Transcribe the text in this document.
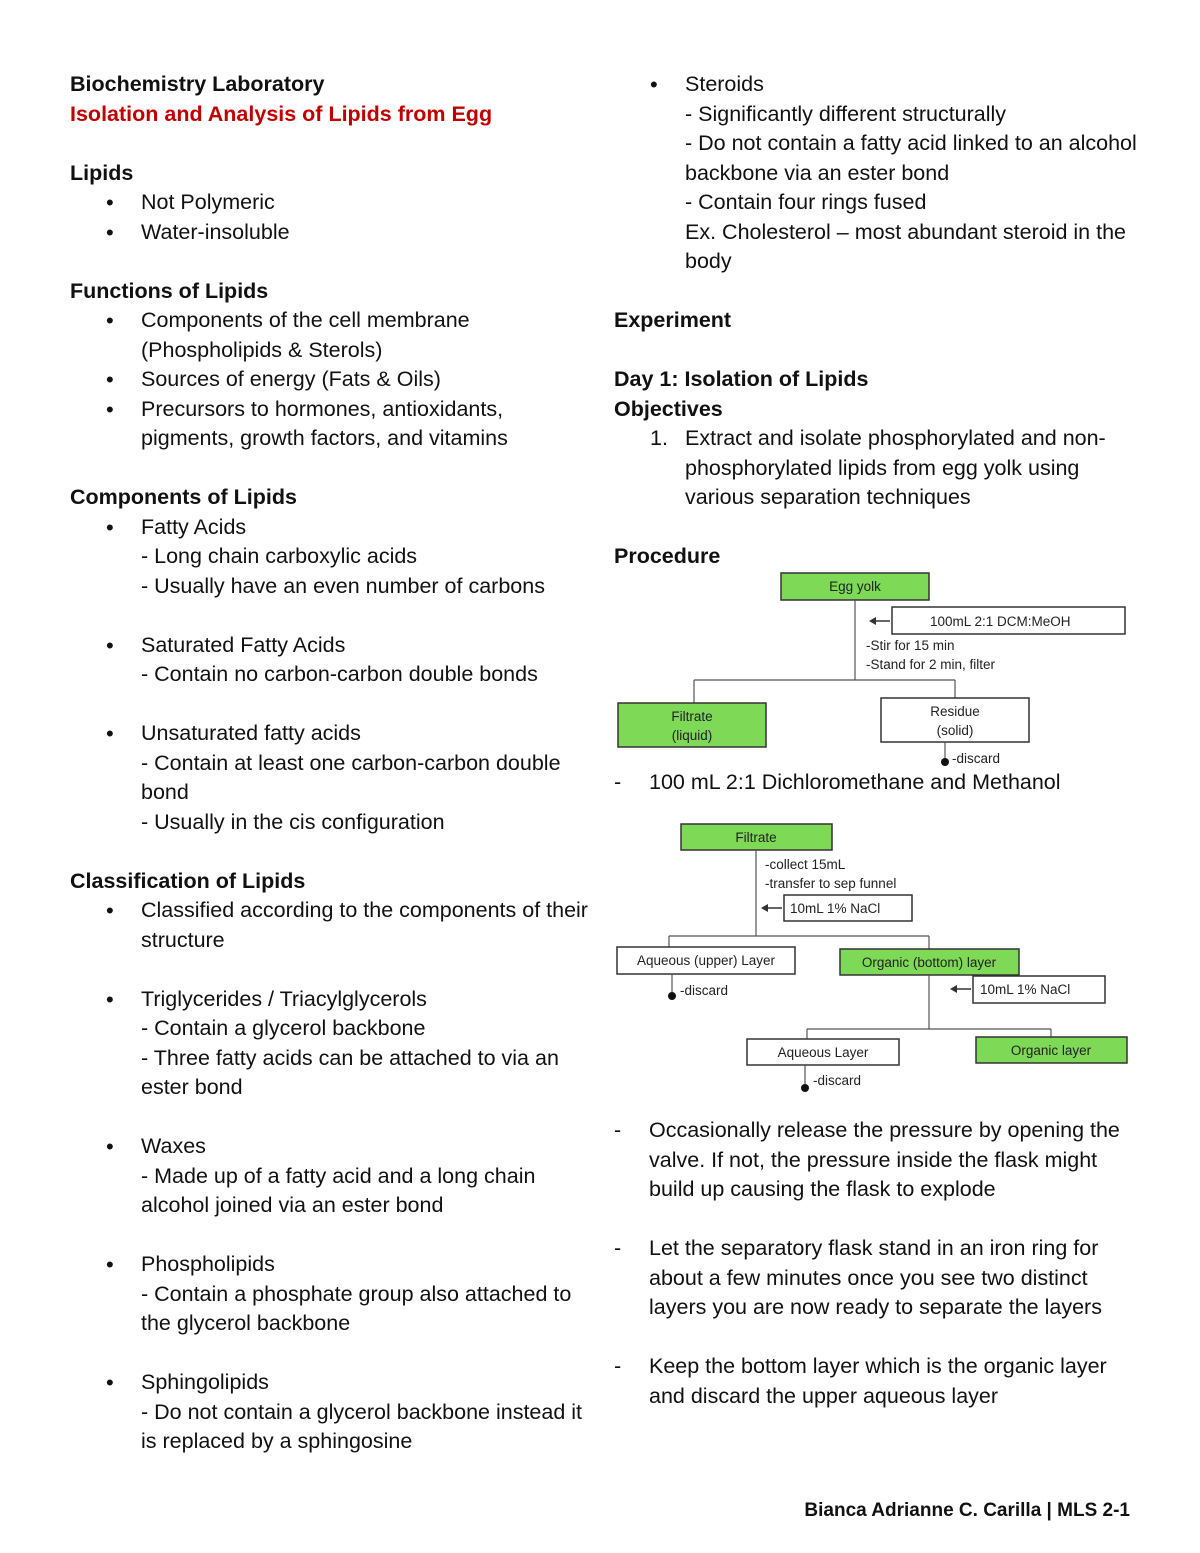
Biochemistry Laboratory

Isolation and Analysis of Lipids from Egg

Lipids

• Not Polymeric
• Water-insoluble

Functions of Lipids

• Components of the cell membrane (Phospholipids & Sterols)
• Sources of energy (Fats & Oils)
• Precursors to hormones, antioxidants, pigments, growth factors, and vitamins

Components of Lipids

• Fatty Acids
- Long chain carboxylic acids
- Usually have an even number of carbons
• Saturated Fatty Acids
- Contain no carbon-carbon double bonds
• Unsaturated fatty acids
- Contain at least one carbon-carbon double bond
- Usually in the cis configuration

Classification of Lipids

• Classified according to the components of their structure
• Triglycerides / Triacylglycerols
- Contain a glycerol backbone
- Three fatty acids can be attached to via an ester bond
• Waxes
- Made up of a fatty acid and a long chain alcohol joined via an ester bond
• Phospholipids
- Contain a phosphate group also attached to the glycerol backbone
• Sphingolipids
- Do not contain a glycerol backbone instead it is replaced by a sphingosine
• Steroids
- Significantly different structurally
- Do not contain a fatty acid linked to an alcohol backbone via an ester bond
- Contain four rings fused
Ex. Cholesterol – most abundant steroid in the body

Experiment

Day 1: Isolation of Lipids

Objectives

1. Extract and isolate phosphorylated and non-phosphorylated lipids from egg yolk using various separation techniques

Procedure

Egg yolk
100mL 2:1 DCM:MeOH
-Stir for 15 min
-Stand for 2 min, filter
Filtrate
(liquid)
Residue
(solid)
-discard
- 100 mL 2:1 Dichloromethane and Methanol
Filtrate
-collect 15mL
-transfer to sep funnel
10mL 1% NaCl
Aqueous (upper) Layer	Organic (bottom) layer
-discard	10mL 1% NaCl
Aqueous Layer	Organic layer
-discard
- Occasionally release the pressure by opening the valve. If not, the pressure inside the flask might build up causing the flask to explode
- Let the separatory flask stand in an iron ring for about a few minutes once you see two distinct layers you are now ready to separate the layers
- Keep the bottom layer which is the organic layer and discard the upper aqueous layer
Bianca Adrianne C. Carilla | MLS 2-1
